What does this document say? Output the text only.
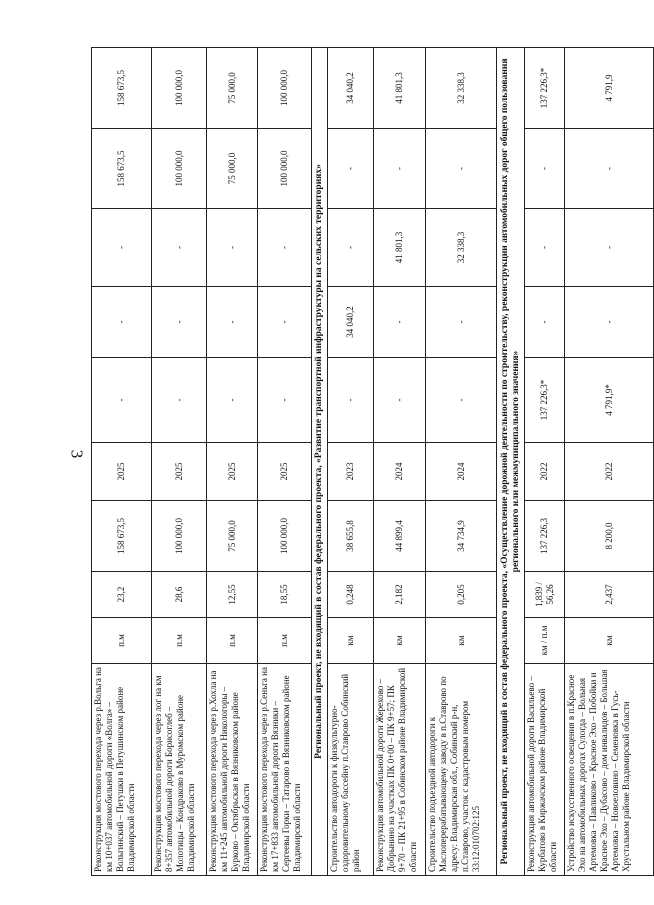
3
Реконструкция мостового перехода через р.Вольга на км 10+037 автомобильной дороги «Волга» – Вольгинский – Петушки в Петушинском районе Владимирской области	п.м	23,2	158 673,5	2025	-	-	-	158 673,5	158 673,5
Реконструкция мостового перехода через лог на км 8+357 автомобильной дороги Борисоглеб – Молотицы – Кондраково в Муромском районе Владимирской области	п.м	28,6	100 000,0	2025	-	-	-	100 000,0	100 000,0
Реконструкция мостового перехода через р.Хохла на км 11+245 автомобильной дороги Никологоры – Бурково – Октябрьская в Вязниковском районе Владимирской области	п.м	12,55	75 000,0	2025	-	-	-	75 000,0	75 000,0
Реконструкция мостового перехода через р.Сеньга на км 17+833 автомобильной дороги Вязники – Сергеевы Горки – Татарово в Вязниковском районе Владимирской области	п.м	18,55	100 000,0	2025	-	-	-	100 000,0	100 000,0
Региональный проект, не входящий в состав федерального проекта, «Развитие транспортной инфраструктуры на сельских территориях»									
Строительство автодороги к физкультурно-оздоровительному бассейну п.Ставрово Собинский район	км	0,248	38 655,8	2023	-	34 040,2	-	-	34 040,2
Реконструкция автомобильной дороги Жерехово – Добрынино на участках ПК 0+00 – ПК 9+57; ПК 9+70 – ПК 21+95 в Собинском районе Владимирской области	км	2,182	44 899,4	2024	-	-	41 801,3	-	41 801,3
Строительство подъездной автодороги к Маслоперерабатывающему заводу в п.Ставрово по адресу: Владимирская обл., Собинский р-н, п.Ставрово, участок с кадастровым номером 33:12:010702:125	км	0,205	34 734,9	2024	-	-	32 338,3	-	32 338,3
Региональный проект, не входящий в состав федерального проекта, «Осуществление дорожной деятельности по строительству, реконструкции автомобильных дорог общего пользования регионального или межмуниципального значения»									
Реконструкция автомобильной дороги Васильево – Курбатово в Киржачском районе Владимирской области	км / п.м	1,839 / 56,26	137 226,3	2022	137 226,3*	-	-	-	137 226,3*
Устройство искусственного освещения в п.Красное Эхо на автомобильных дорогах Сулогда – Вольная Артемовка – Павликово – Красное Эхо – Побойки и Красное Эхо – Дубасово – дом инвалидов – Большая Артемовка – Новоеловино – Семеновка в Гусь-Хрустальном районе Владимирской области	км	2,437	8 200,0	2022	4 791,9*	-	-	-	4 791,9
